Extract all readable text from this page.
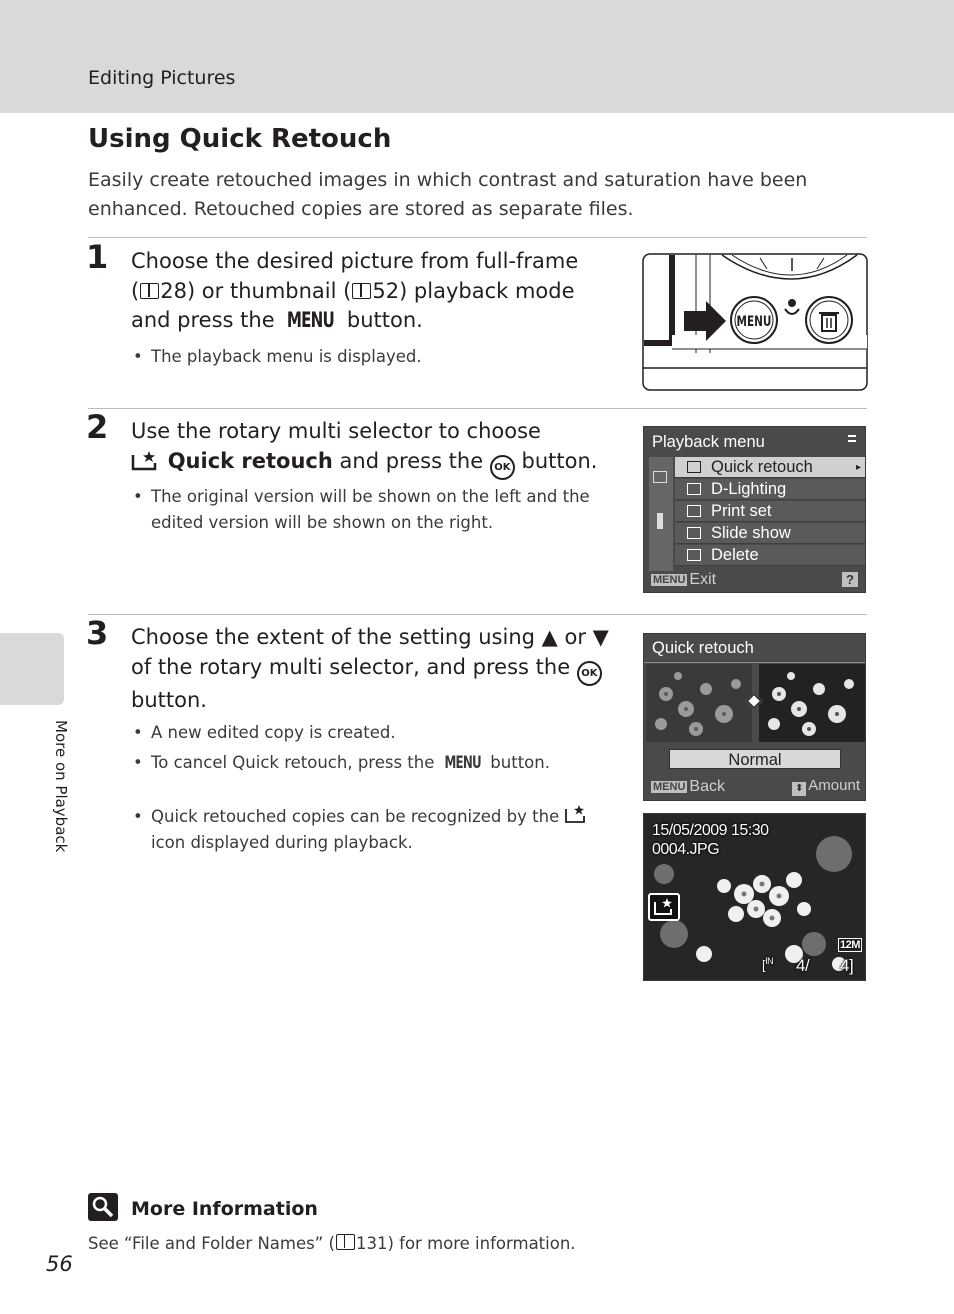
Editing Pictures
Using Quick Retouch
Easily create retouched images in which contrast and saturation have been enhanced. Retouched copies are stored as separate files.
1 Choose the desired picture from full-frame
( 28) or thumbnail ( 52) playback mode
and press the MENU button.
• The playback menu is displayed.
MENU
2 Use the rotary multi selector to choose
Quick retouch and press the OK button.
• The original version will be shown on the left and the
edited version will be shown on the right.
Playback menu
Quick retouch	▸
D-Lighting
Print set
Slide show
Delete
MENU Exit	?
3 Choose the extent of the setting using ▲ or ▼
of the rotary multi selector, and press the OK
button.
• A new edited copy is created.
• To cancel Quick retouch, press the MENU button.
• Quick retouched copies can be recognized by the
icon displayed during playback.
Quick retouch
Normal
MENU Back	⬍ Amount
15/05/2009 15:30
0004.JPG
12M
[$^{IN}$ 4/ 4]
More on Playback
More Information
See “File and Folder Names” ( 131) for more information.
56
